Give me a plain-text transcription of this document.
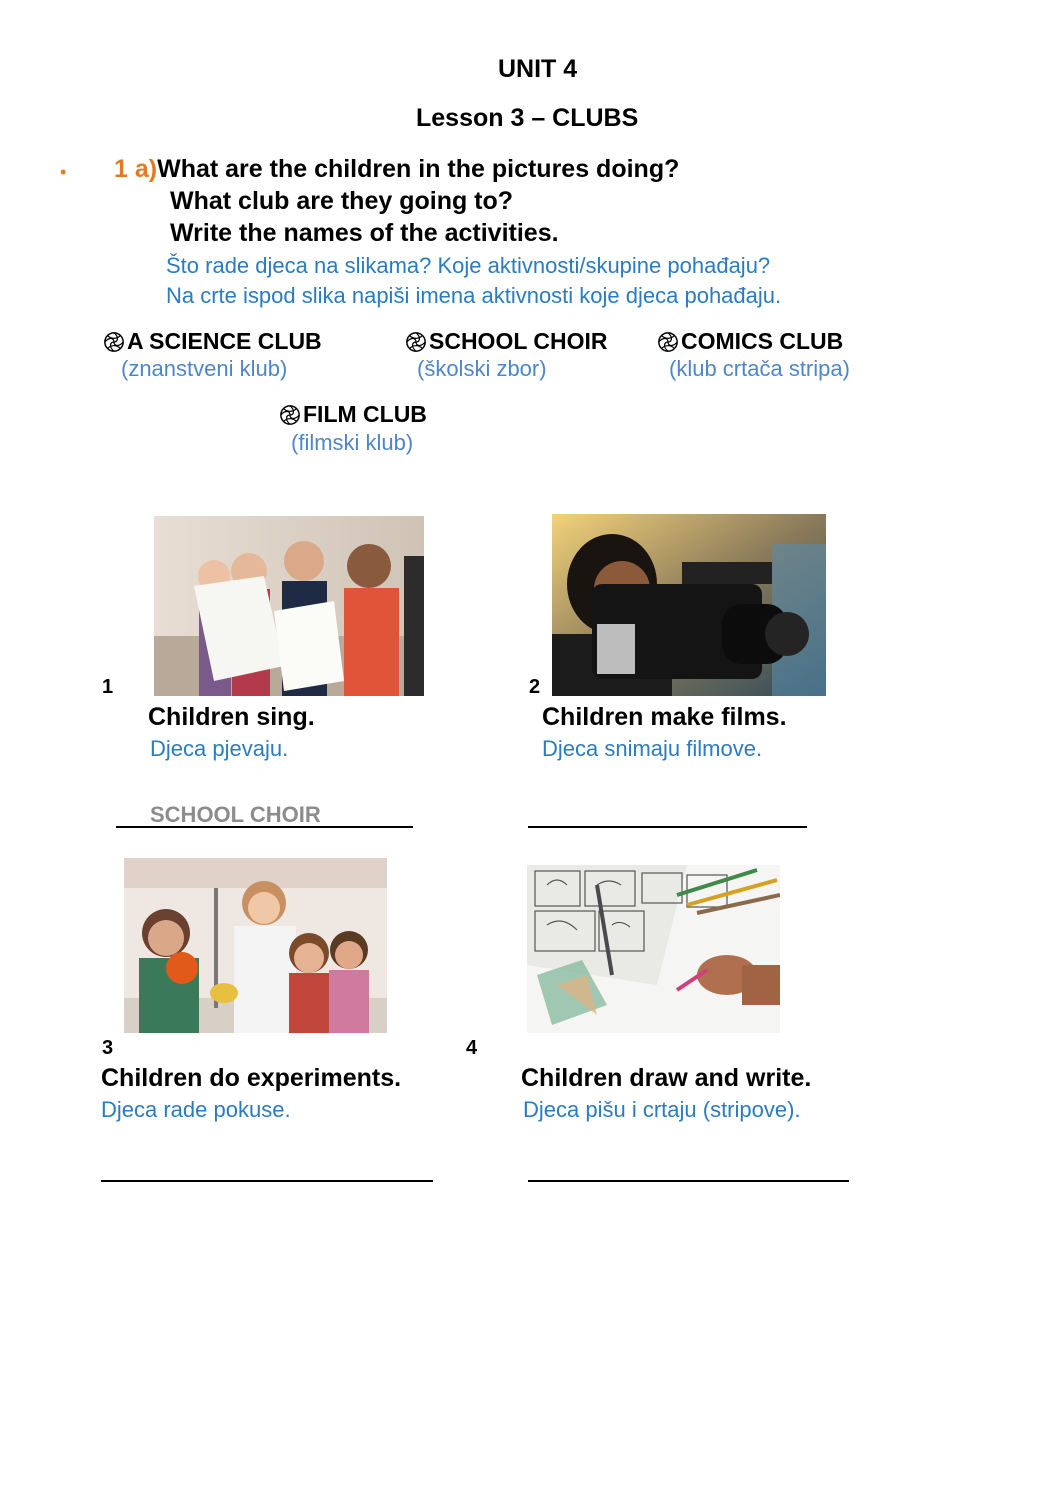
UNIT 4
Lesson 3 – CLUBS
• 1 a)What are the children in the pictures doing?
What club are they going to?
Write the names of the activities.
Što rade djeca na slikama? Koje aktivnosti/skupine pohađaju?
Na crte ispod slika napiši imena aktivnosti koje djeca pohađaju.
A SCIENCE CLUB
(znanstveni klub)
SCHOOL CHOIR
(školski zbor)
COMICS CLUB
(klub crtača stripa)
FILM CLUB
(filmski klub)
1
Children sing.
Djeca pjevaju.
SCHOOL CHOIR
2
Children make films.
Djeca snimaju filmove.
3
Children do experiments.
Djeca rade pokuse.
4
Children draw and write.
Djeca pišu i crtaju (stripove).
